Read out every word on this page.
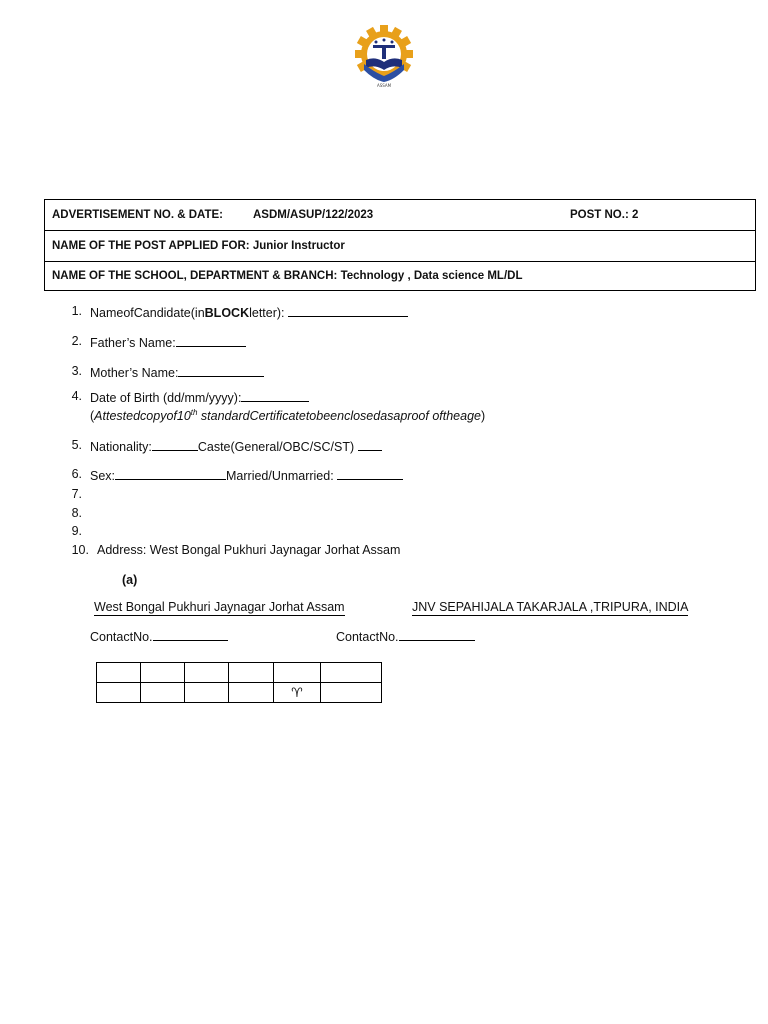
ASSAM
ADVERTISEMENT NO. & DATE:	ASDM/ASUP/122/2023	POST NO.: 2
NAME OF THE POST APPLIED FOR: Junior Instructor
NAME OF THE SCHOOL, DEPARTMENT & BRANCH: Technology , Data science ML/DL
1. NameofCandidate(inBLOCKletter):
2. Father’s Name:
3. Mother’s Name:
4. Date of Birth (dd/mm/yyyy):
(Attestedcopyof10th standardCertificatetobeenclosedasaproof oftheage)
5. Nationality:	Caste(General/OBC/SC/ST)
6. Sex:	Married/Unmarried:
7.
8.
9.
10. Address: West Bongal Pukhuri Jaynagar Jorhat Assam
(a)
West Bongal Pukhuri Jaynagar Jorhat Assam	JNV SEPAHIJALA TAKARJALA ,TRIPURA, INDIA
ContactNo.	ContactNo.

				♈	
